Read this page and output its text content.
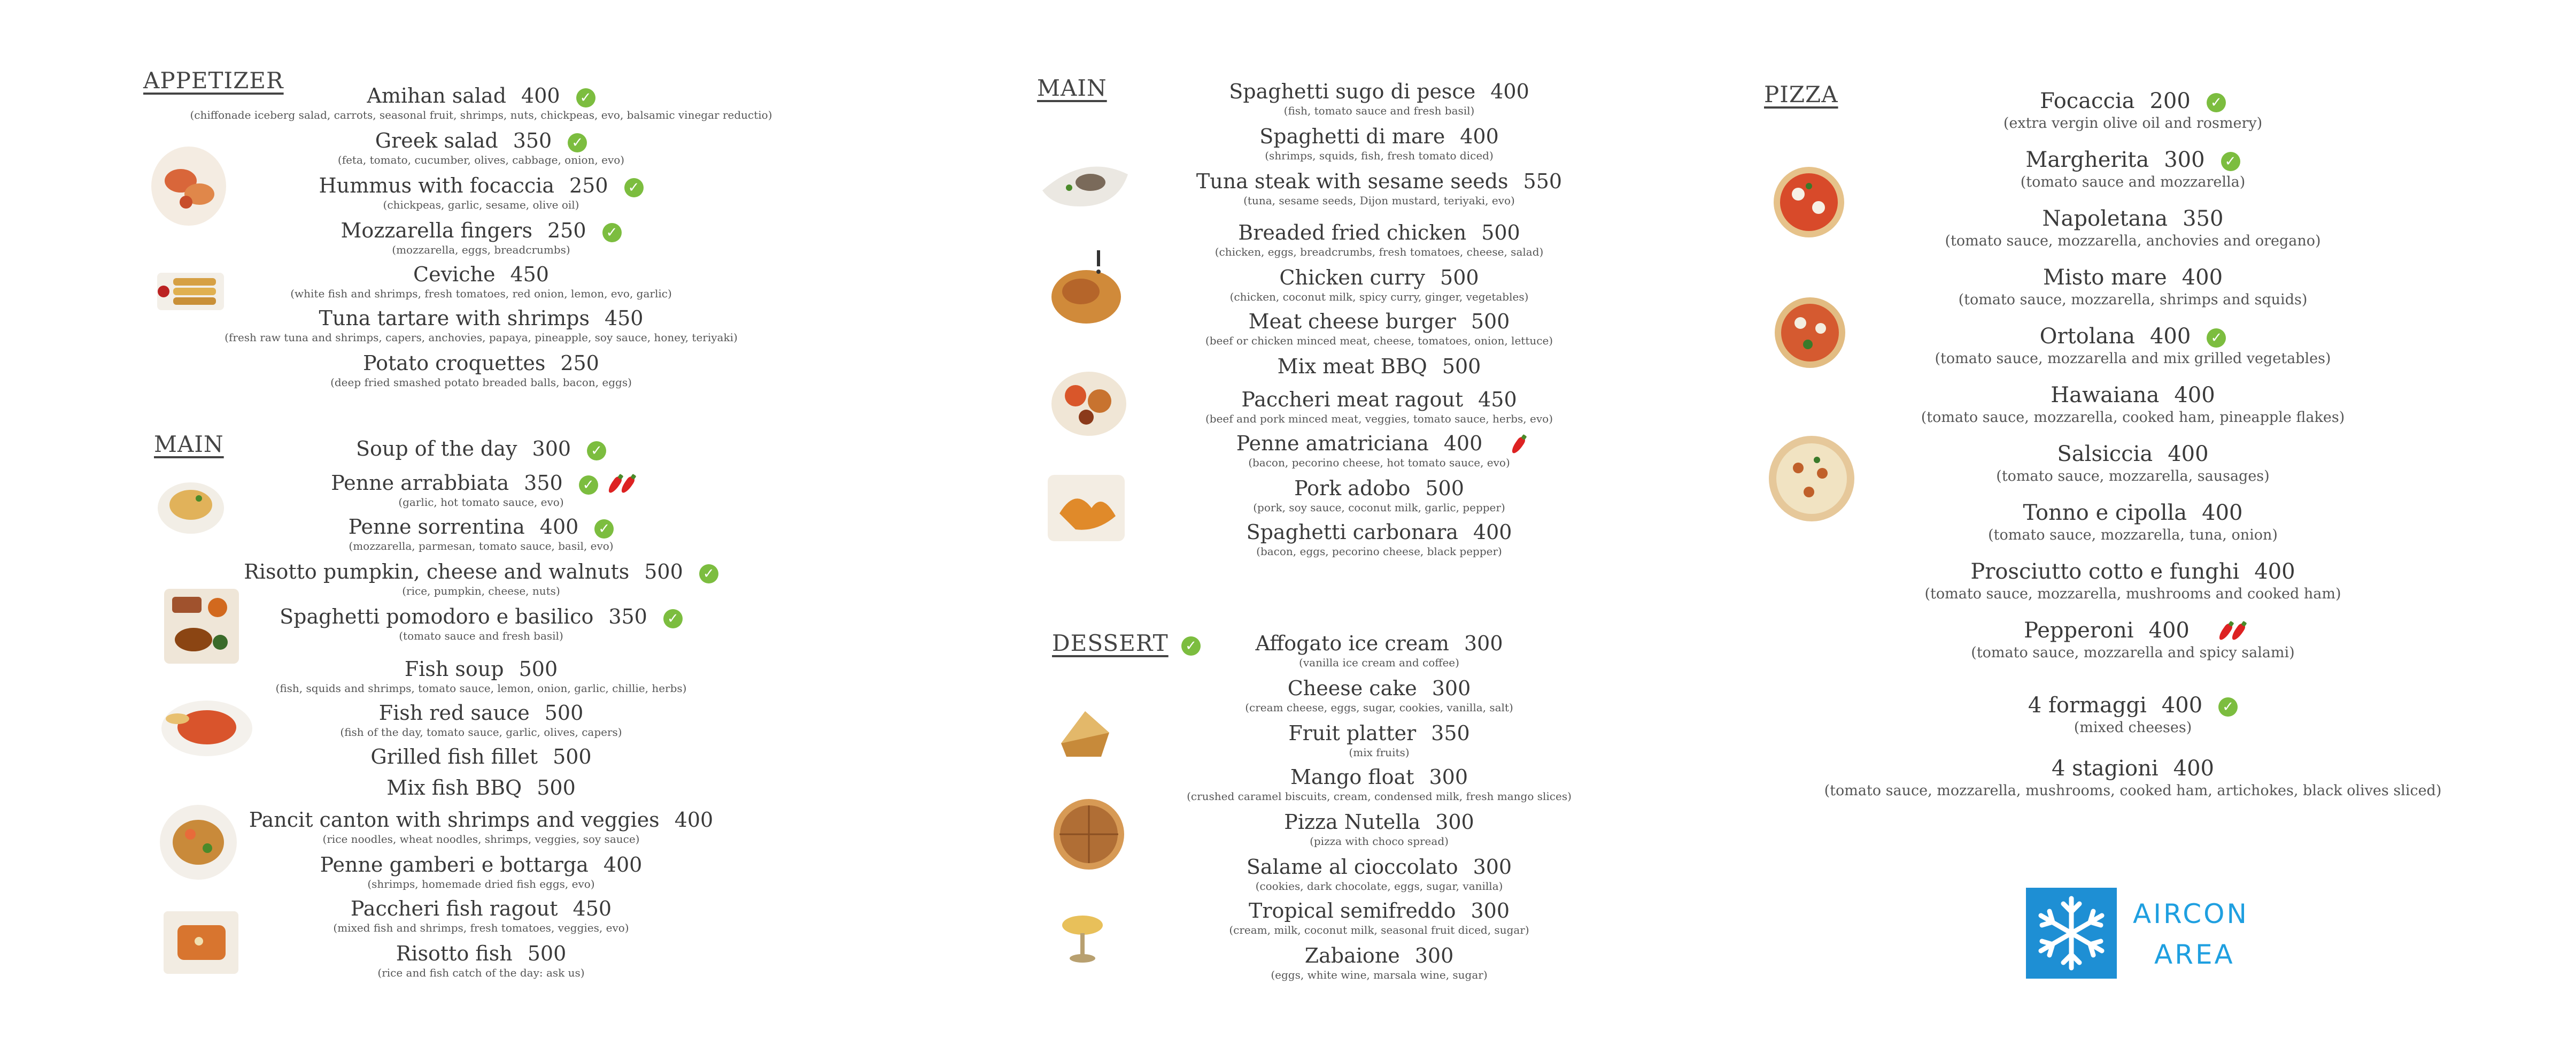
APPETIZER
MAIN
MAIN
DESSERT ✓
PIZZA
Amihan salad 400 ✓
(chiffonade iceberg salad, carrots, seasonal fruit, shrimps, nuts, chickpeas, evo, balsamic vinegar reductio)
Greek salad 350 ✓
(feta, tomato, cucumber, olives, cabbage, onion, evo)
Hummus with focaccia 250 ✓
(chickpeas, garlic, sesame, olive oil)
Mozzarella fingers 250 ✓
(mozzarella, eggs, breadcrumbs)
Ceviche 450
(white fish and shrimps, fresh tomatoes, red onion, lemon, evo, garlic)
Tuna tartare with shrimps 450
(fresh raw tuna and shrimps, capers, anchovies, papaya, pineapple, soy sauce, honey, teriyaki)
Potato croquettes 250
(deep fried smashed potato breaded balls, bacon, eggs)
Soup of the day 300 ✓
Penne arrabbiata 350 ✓
(garlic, hot tomato sauce, evo)
Penne sorrentina 400 ✓
(mozzarella, parmesan, tomato sauce, basil, evo)
Risotto pumpkin, cheese and walnuts 500 ✓
(rice, pumpkin, cheese, nuts)
Spaghetti pomodoro e basilico 350 ✓
(tomato sauce and fresh basil)
Fish soup 500
(fish, squids and shrimps, tomato sauce, lemon, onion, garlic, chillie, herbs)
Fish red sauce 500
(fish of the day, tomato sauce, garlic, olives, capers)
Grilled fish fillet 500
Mix fish BBQ 500
Pancit canton with shrimps and veggies 400
(rice noodles, wheat noodles, shrimps, veggies, soy sauce)
Penne gamberi e bottarga 400
(shrimps, homemade dried fish eggs, evo)
Paccheri fish ragout 450
(mixed fish and shrimps, fresh tomatoes, veggies, evo)
Risotto fish 500
(rice and fish catch of the day: ask us)
Spaghetti sugo di pesce 400
(fish, tomato sauce and fresh basil)
Spaghetti di mare 400
(shrimps, squids, fish, fresh tomato diced)
Tuna steak with sesame seeds 550
(tuna, sesame seeds, Dijon mustard, teriyaki, evo)
Breaded fried chicken 500
(chicken, eggs, breadcrumbs, fresh tomatoes, cheese, salad)
Chicken curry 500
(chicken, coconut milk, spicy curry, ginger, vegetables)
Meat cheese burger 500
(beef or chicken minced meat, cheese, tomatoes, onion, lettuce)
Mix meat BBQ 500
Paccheri meat ragout 450
(beef and pork minced meat, veggies, tomato sauce, herbs, evo)
Penne amatriciana 400
(bacon, pecorino cheese, hot tomato sauce, evo)
Pork adobo 500
(pork, soy sauce, coconut milk, garlic, pepper)
Spaghetti carbonara 400
(bacon, eggs, pecorino cheese, black pepper)
Affogato ice cream 300
(vanilla ice cream and coffee)
Cheese cake 300
(cream cheese, eggs, sugar, cookies, vanilla, salt)
Fruit platter 350
(mix fruits)
Mango float 300
(crushed caramel biscuits, cream, condensed milk, fresh mango slices)
Pizza Nutella 300
(pizza with choco spread)
Salame al cioccolato 300
(cookies, dark chocolate, eggs, sugar, vanilla)
Tropical semifreddo 300
(cream, milk, coconut milk, seasonal fruit diced, sugar)
Zabaione 300
(eggs, white wine, marsala wine, sugar)
Focaccia 200 ✓
(extra vergin olive oil and rosmery)
Margherita 300 ✓
(tomato sauce and mozzarella)
Napoletana 350
(tomato sauce, mozzarella, anchovies and oregano)
Misto mare 400
(tomato sauce, mozzarella, shrimps and squids)
Ortolana 400 ✓
(tomato sauce, mozzarella and mix grilled vegetables)
Hawaiana 400
(tomato sauce, mozzarella, cooked ham, pineapple flakes)
Salsiccia 400
(tomato sauce, mozzarella, sausages)
Tonno e cipolla 400
(tomato sauce, mozzarella, tuna, onion)
Prosciutto cotto e funghi 400
(tomato sauce, mozzarella, mushrooms and cooked ham)
Pepperoni 400
(tomato sauce, mozzarella and spicy salami)
4 formaggi 400 ✓
(mixed cheeses)
4 stagioni 400
(tomato sauce, mozzarella, mushrooms, cooked ham, artichokes, black olives sliced)
AIRCON
AREA
